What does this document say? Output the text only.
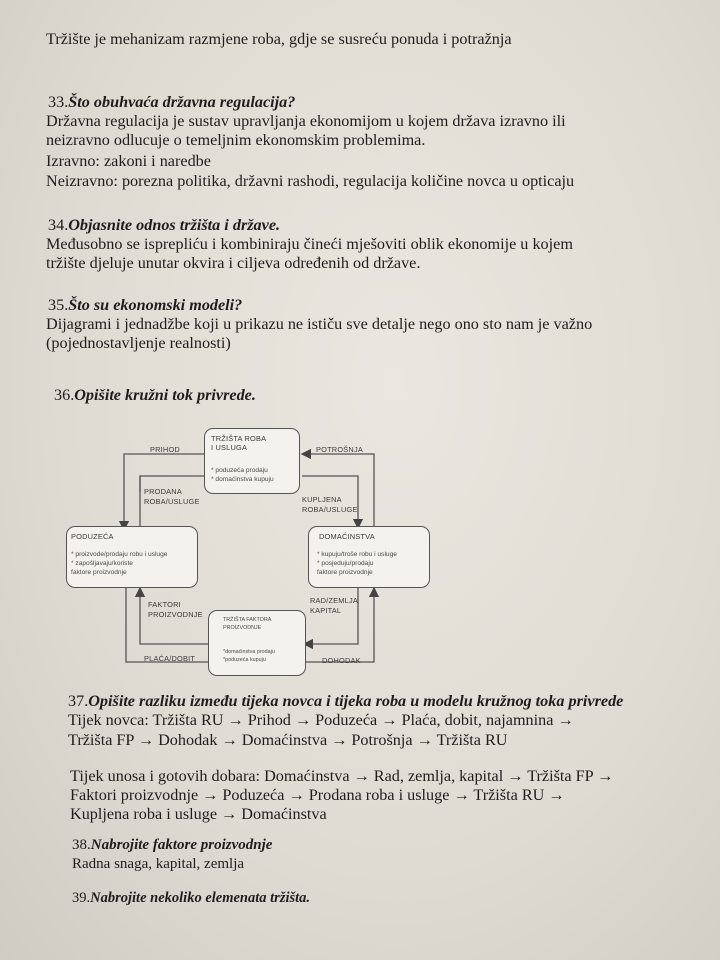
Tržište je mehanizam razmjene roba, gdje se susreću ponuda i potražnja

33.Što obuhvaća državna regulacija?

Državna regulacija je sustav upravljanja ekonomijom u kojem država izravno ili

neizravno odlucuje o temeljnim ekonomskim problemima.

Izravno: zakoni i naredbe

Neizravno: porezna politika, državni rashodi, regulacija količine novca u opticaju

34.Objasnite odnos tržišta i države.

Međusobno se isprepliću i kombiniraju čineći mješoviti oblik ekonomije u kojem

tržište djeluje unutar okvira i ciljeva određenih od države.

35.Što su ekonomski modeli?

Dijagrami i jednadžbe koji u prikazu ne ističu sve detalje nego ono sto nam je važno

(pojednostavljenje realnosti)

36.Opišite kružni tok privrede.

TRŽIŠTA ROBA
I USLUGA
* poduzeća prodaju
* domaćinstva kupuju
PODUZEĆA
* proizvode/prodaju robu i usluge
* zapošljavaju/koriste
faktore proizvodnje
DOMAĆINSTVA
* kupuju/troše robu i usluge
* posjeduju/prodaju
faktore proizvodnje
TRŽIŠTA FAKTORA
PROIZVODNJE
*domaćinstva prodaju
*poduzeća kupuju
PRIHOD	POTROŠNJA
PRODANA
ROBA/USLUGE	KUPLJENA
ROBA/USLUGE
FAKTORI
PROIZVODNJE
RAD/ZEMLJA
KAPITAL
PLAĆA/DOBIT	DOHODAK

37.Opišite razliku između tijeka novca i tijeka roba u modelu kružnog toka privrede

Tijek novca: Tržišta RU → Prihod → Poduzeća → Plaća, dobit, najamnina →

Tržišta FP → Dohodak → Domaćinstva → Potrošnja → Tržišta RU

Tijek unosa i gotovih dobara: Domaćinstva → Rad, zemlja, kapital → Tržišta FP →

Faktori proizvodnje → Poduzeća → Prodana roba i usluge → Tržišta RU →

Kupljena roba i usluge → Domaćinstva

38.Nabrojite faktore proizvodnje

Radna snaga, kapital, zemlja

39.Nabrojite nekoliko elemenata tržišta.
